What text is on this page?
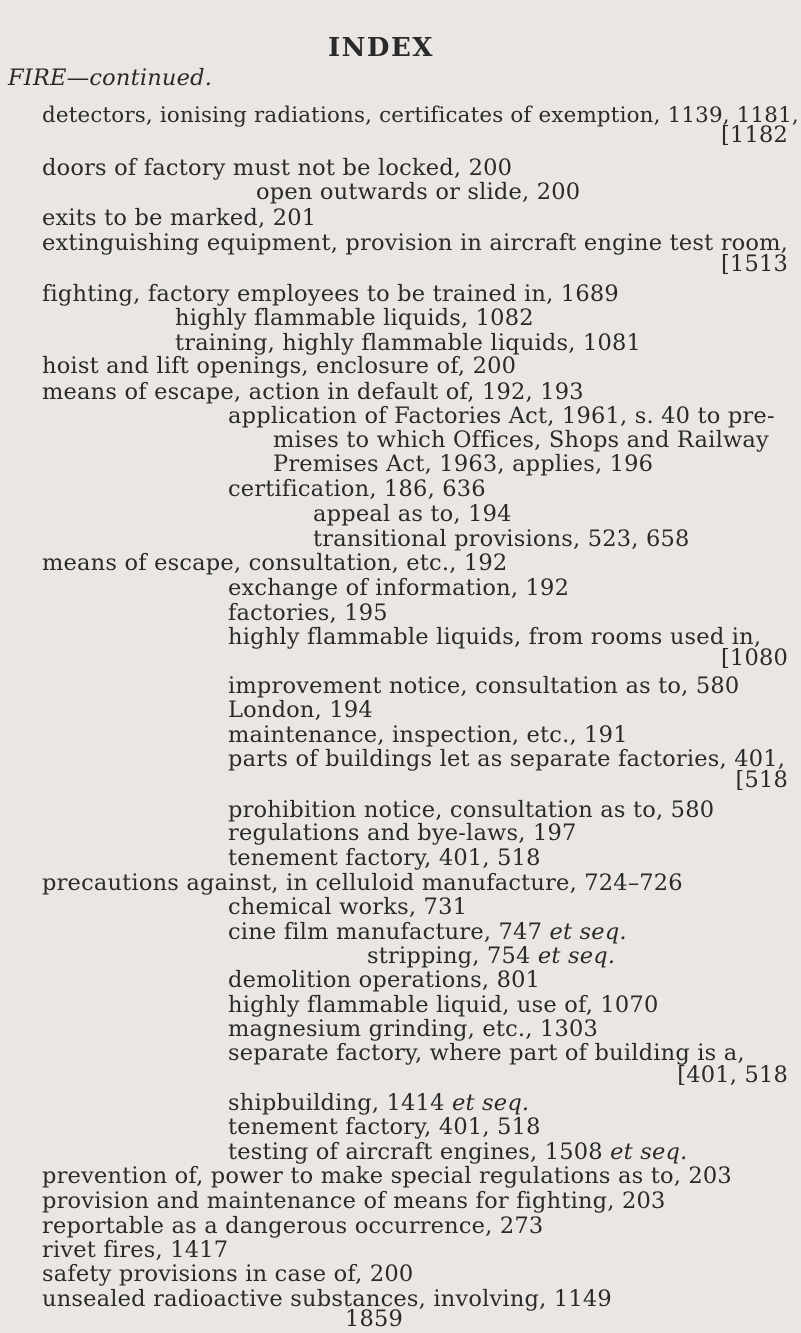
INDEX
FIRE—continued.
detectors, ionising radiations, certificates of exemption, 1139, 1181,
[1182
doors of factory must not be locked, 200
open outwards or slide, 200
exits to be marked, 201
extinguishing equipment, provision in aircraft engine test room,
[1513
fighting, factory employees to be trained in, 1689
highly flammable liquids, 1082
training, highly flammable liquids, 1081
hoist and lift openings, enclosure of, 200
means of escape, action in default of, 192, 193
application of Factories Act, 1961, s. 40 to pre-
mises to which Offices, Shops and Railway
Premises Act, 1963, applies, 196
certification, 186, 636
appeal as to, 194
transitional provisions, 523, 658
means of escape, consultation, etc., 192
exchange of information, 192
factories, 195
highly flammable liquids, from rooms used in,
[1080
improvement notice, consultation as to, 580
London, 194
maintenance, inspection, etc., 191
parts of buildings let as separate factories, 401,
[518
prohibition notice, consultation as to, 580
regulations and bye-laws, 197
tenement factory, 401, 518
precautions against, in celluloid manufacture, 724–726
chemical works, 731
cine film manufacture, 747 et seq.
stripping, 754 et seq.
demolition operations, 801
highly flammable liquid, use of, 1070
magnesium grinding, etc., 1303
separate factory, where part of building is a,
[401, 518
shipbuilding, 1414 et seq.
tenement factory, 401, 518
testing of aircraft engines, 1508 et seq.
prevention of, power to make special regulations as to, 203
provision and maintenance of means for fighting, 203
reportable as a dangerous occurrence, 273
rivet fires, 1417
safety provisions in case of, 200
unsealed radioactive substances, involving, 1149
1859
